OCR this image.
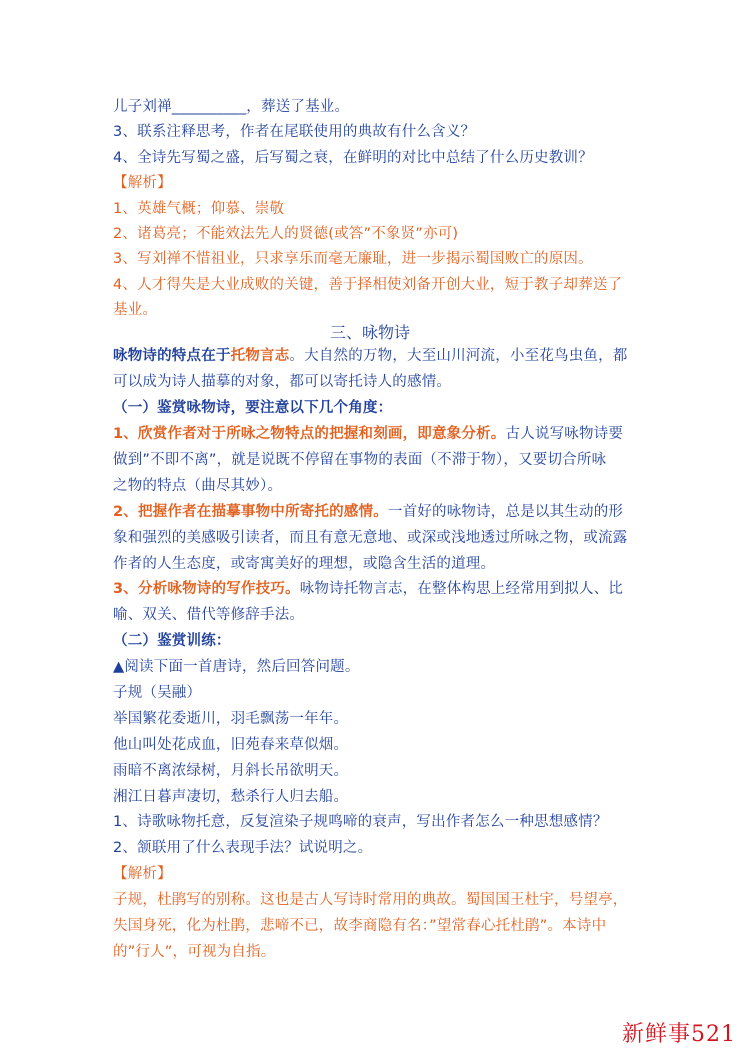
儿子刘禅__________，葬送了基业。
3、联系注释思考，作者在尾联使用的典故有什么含义？
4、全诗先写蜀之盛，后写蜀之衰，在鲜明的对比中总结了什么历史教训？
【解析】
1、英雄气概；仰慕、崇敬
2、诸葛亮；不能效法先人的贤德(或答”不象贤”亦可)
3、写刘禅不惜祖业，只求享乐而毫无廉耻，进一步揭示蜀国败亡的原因。
4、人才得失是大业成败的关键，善于择相使刘备开创大业，短于教子却葬送了
基业。
三、咏物诗
咏物诗的特点在于托物言志。大自然的万物，大至山川河流，小至花鸟虫鱼，都
可以成为诗人描摹的对象，都可以寄托诗人的感情。
（一）鉴赏咏物诗，要注意以下几个角度：
1、欣赏作者对于所咏之物特点的把握和刻画，即意象分析。古人说写咏物诗要
做到”不即不离”，就是说既不停留在事物的表面（不滞于物），又要切合所咏
之物的特点（曲尽其妙）。
2、把握作者在描摹事物中所寄托的感情。一首好的咏物诗，总是以其生动的形
象和强烈的美感吸引读者，而且有意无意地、或深或浅地透过所咏之物，或流露
作者的人生态度，或寄寓美好的理想，或隐含生活的道理。
3、分析咏物诗的写作技巧。咏物诗托物言志，在整体构思上经常用到拟人、比
喻、双关、借代等修辞手法。
（二）鉴赏训练：
▲阅读下面一首唐诗，然后回答问题。
子规（吴融）
举国繁花委逝川，羽毛飘荡一年年。
他山叫处花成血，旧苑春来草似烟。
雨暗不离浓绿树，月斜长吊欲明天。
湘江日暮声凄切，愁杀行人归去船。
1、诗歌咏物托意，反复渲染子规鸣啼的衰声，写出作者怎么一种思想感情？
2、颔联用了什么表现手法？试说明之。
【解析】
子规，杜鹃写的别称。这也是古人写诗时常用的典故。蜀国国王杜宇，号望亭，
失国身死，化为杜鹃，悲啼不已，故李商隐有名：”望常春心托杜鹃”。本诗中
的”行人”，可视为自指。
新鲜事521
